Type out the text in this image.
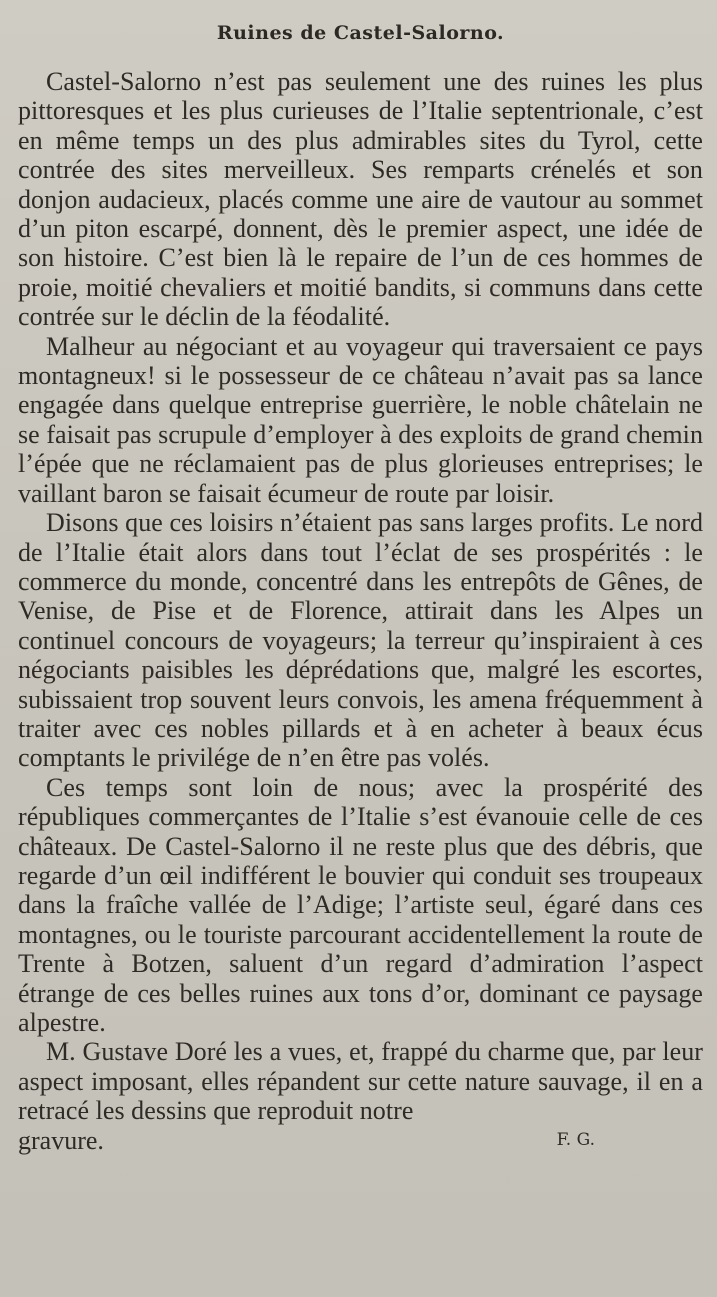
Ruines de Castel-Salorno.

Castel-Salorno n’est pas seulement une des ruines les plus pittoresques et les plus curieuses de l’Italie septentrionale, c’est en même temps un des plus admirables sites du Tyrol, cette contrée des sites merveilleux. Ses remparts crénelés et son donjon audacieux, placés comme une aire de vautour au sommet d’un piton escarpé, donnent, dès le premier aspect, une idée de son histoire. C’est bien là le repaire de l’un de ces hommes de proie, moitié chevaliers et moitié bandits, si communs dans cette contrée sur le déclin de la féodalité.

Malheur au négociant et au voyageur qui traversaient ce pays montagneux! si le possesseur de ce château n’avait pas sa lance engagée dans quelque entreprise guerrière, le noble châtelain ne se faisait pas scrupule d’employer à des exploits de grand chemin l’épée que ne réclamaient pas de plus glorieuses entreprises; le vaillant baron se faisait écumeur de route par loisir.

Disons que ces loisirs n’étaient pas sans larges profits. Le nord de l’Italie était alors dans tout l’éclat de ses prospérités : le commerce du monde, concentré dans les entrepôts de Gênes, de Venise, de Pise et de Florence, attirait dans les Alpes un continuel concours de voyageurs; la terreur qu’inspiraient à ces négociants paisibles les déprédations que, malgré les escortes, subissaient trop souvent leurs convois, les amena fréquemment à traiter avec ces nobles pillards et à en acheter à beaux écus comptants le privilége de n’en être pas volés.

Ces temps sont loin de nous; avec la prospérité des républiques commerçantes de l’Italie s’est évanouie celle de ces châteaux. De Castel-Salorno il ne reste plus que des débris, que regarde d’un œil indifférent le bouvier qui conduit ses troupeaux dans la fraîche vallée de l’Adige; l’artiste seul, égaré dans ces montagnes, ou le touriste parcourant accidentellement la route de Trente à Botzen, saluent d’un regard d’admiration l’aspect étrange de ces belles ruines aux tons d’or, dominant ce paysage alpestre.

M. Gustave Doré les a vues, et, frappé du charme que, par leur aspect imposant, elles répandent sur cette nature sauvage, il en a retracé les dessins que reproduit notre

gravure.	F. G.
